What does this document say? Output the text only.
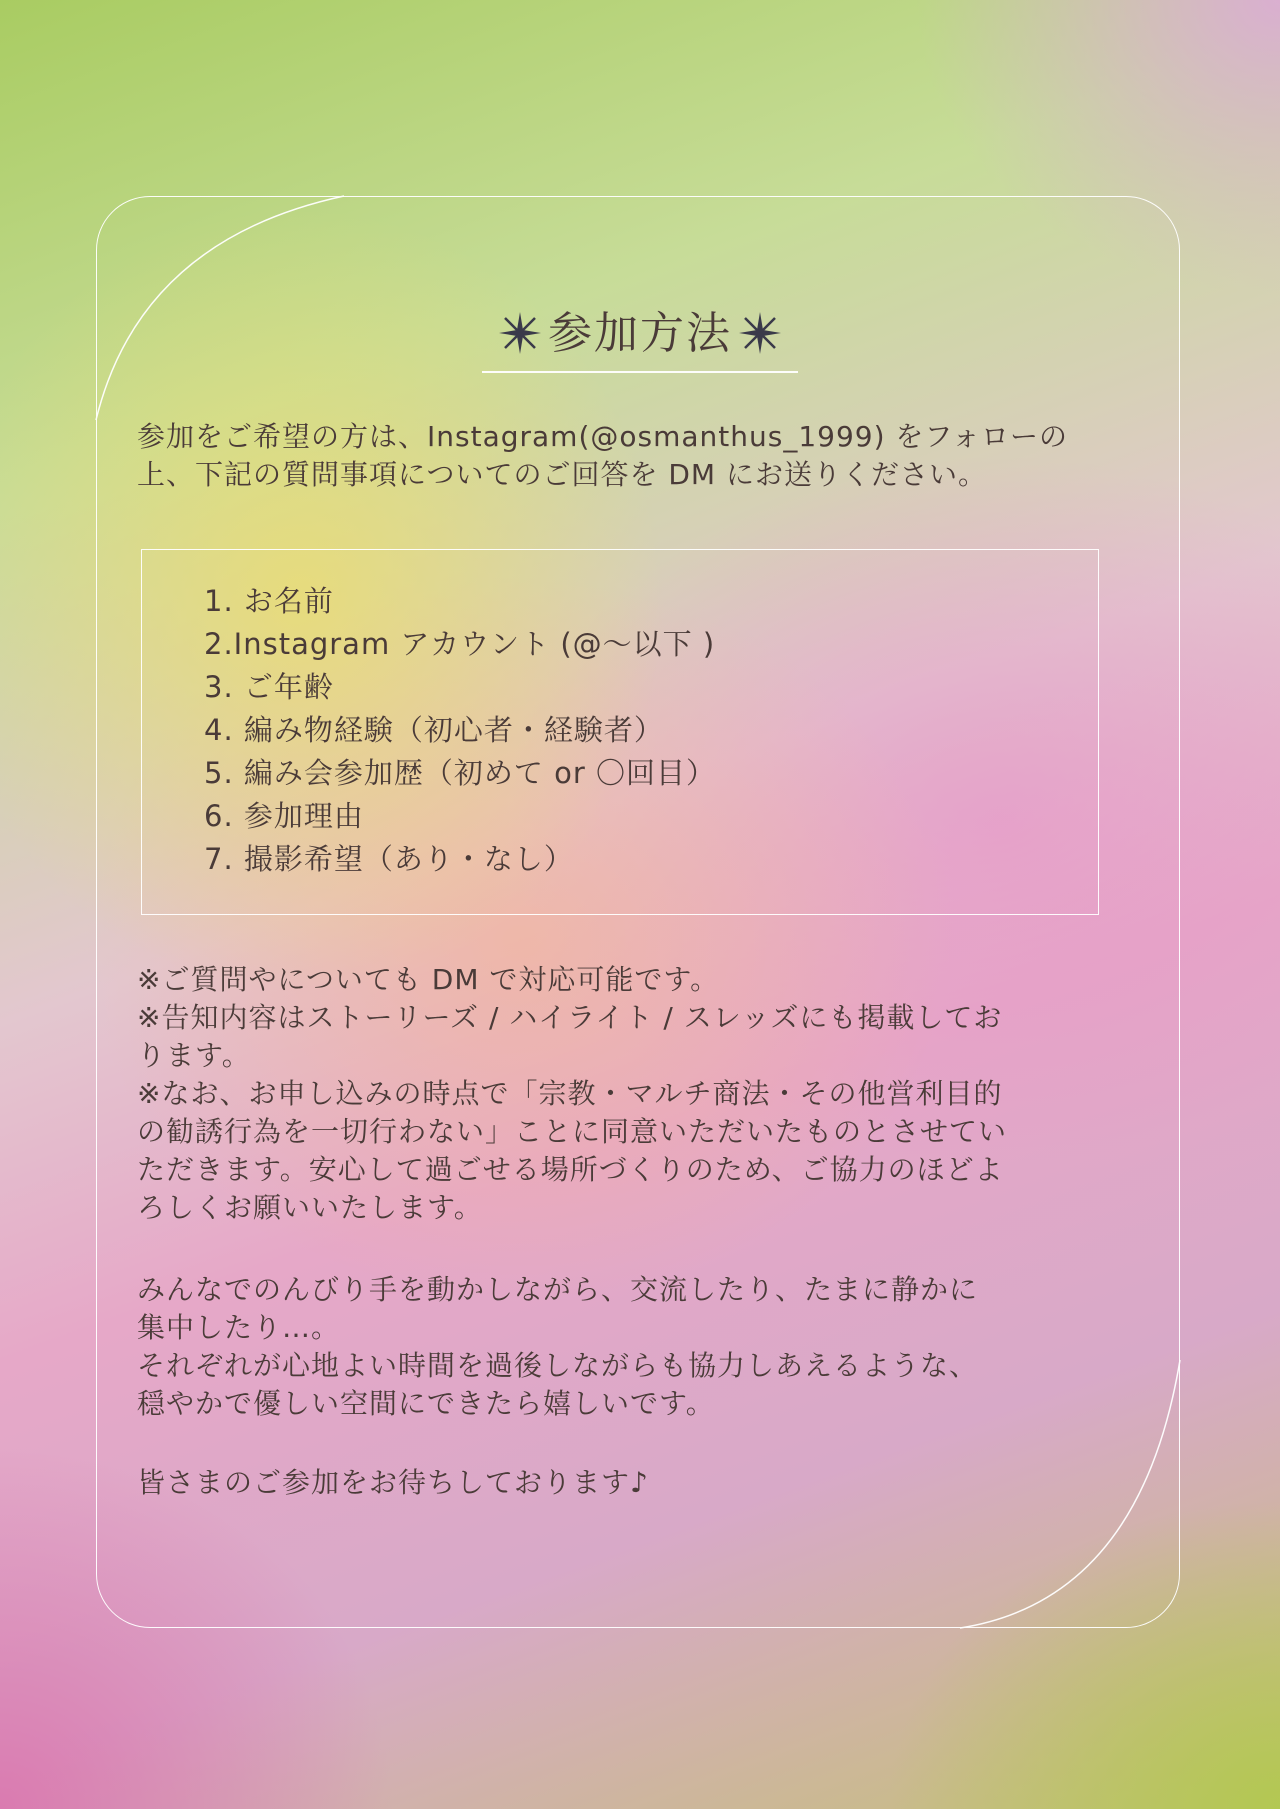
参加方法
参加をご希望の方は、Instagram(@osmanthus_1999) をフォローの
上、下記の質問事項についてのご回答を DM にお送りください。
1. お名前
2.Instagram アカウント (@〜以下 )
3. ご年齢
4. 編み物経験（初心者・経験者）
5. 編み会参加歴（初めて or 〇回目）
6. 参加理由
7. 撮影希望（あり・なし）

※ご質問やについても DM で対応可能です。

※告知内容はストーリーズ / ハイライト / スレッズにも掲載してお

ります。

※なお、お申し込みの時点で「宗教・マルチ商法・その他営利目的

の勧誘行為を一切行わない」ことに同意いただいたものとさせてい

ただきます。安心して過ごせる場所づくりのため、ご協力のほどよ

ろしくお願いいたします。

みんなでのんびり手を動かしながら、交流したり、たまに静かに

集中したり…。

それぞれが心地よい時間を過後しながらも協力しあえるような、

穏やかで優しい空間にできたら嬉しいです。

皆さまのご参加をお待ちしております♪
